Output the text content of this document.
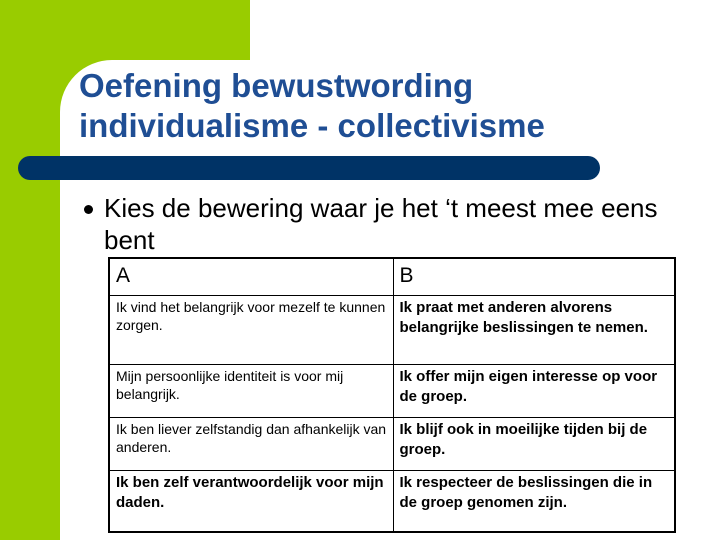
Oefening bewustwording
individualisme - collectivisme

Kies de bewering waar je het ‘t meest mee eens bent

A	B
Ik vind het belangrijk voor mezelf te kunnen zorgen.	Ik praat met anderen alvorens belangrijke beslissingen te nemen.
Mijn persoonlijke identiteit is voor mij belangrijk.	Ik offer mijn eigen interesse op voor de groep.
Ik ben liever zelfstandig dan afhankelijk van anderen.	Ik blijf ook in moeilijke tijden bij de groep.
Ik ben zelf verantwoordelijk voor mijn daden.	Ik respecteer de beslissingen die in de groep genomen zijn.
